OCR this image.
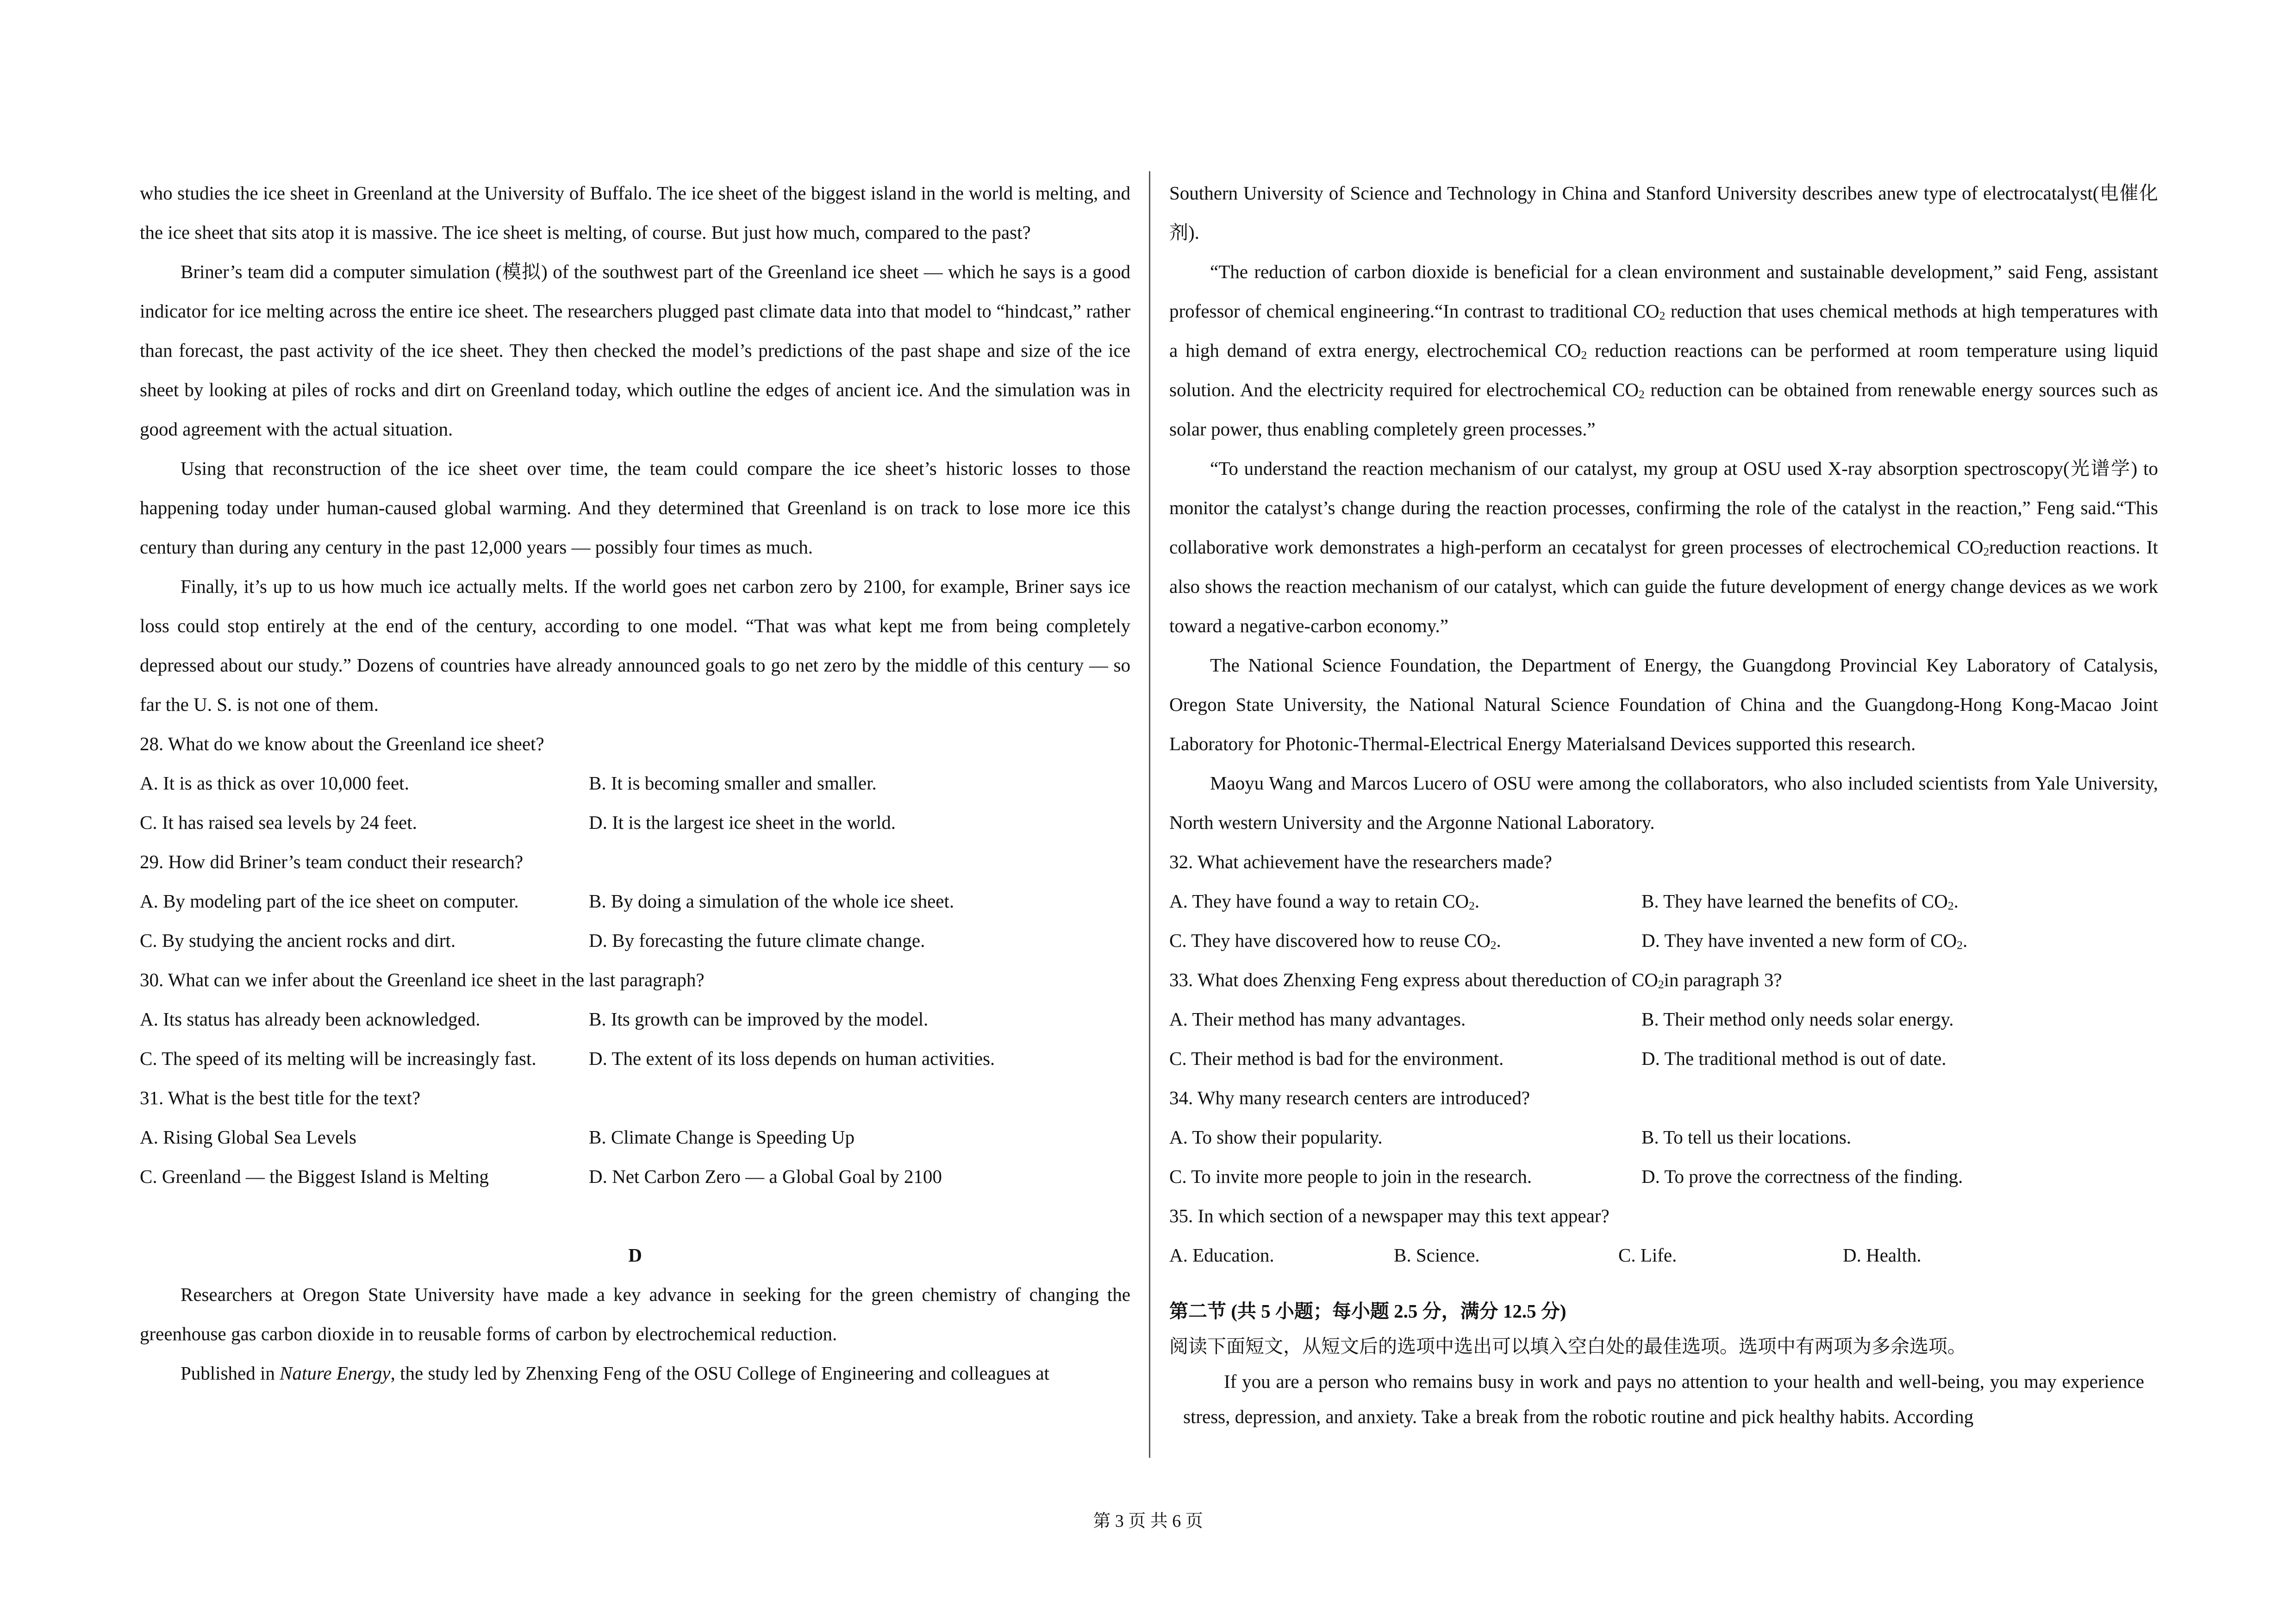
who studies the ice sheet in Greenland at the University of Buffalo. The ice sheet of the biggest island in the world is melting, and the ice sheet that sits atop it is massive. The ice sheet is melting, of course. But just how much, compared to the past?

Briner’s team did a computer simulation (模拟) of the southwest part of the Greenland ice sheet — which he says is a good indicator for ice melting across the entire ice sheet. The researchers plugged past climate data into that model to “hindcast,” rather than forecast, the past activity of the ice sheet. They then checked the model’s predictions of the past shape and size of the ice sheet by looking at piles of rocks and dirt on Greenland today, which outline the edges of ancient ice. And the simulation was in good agreement with the actual situation.

Using that reconstruction of the ice sheet over time, the team could compare the ice sheet’s historic losses to those happening today under human-caused global warming. And they determined that Greenland is on track to lose more ice this century than during any century in the past 12,000 years — possibly four times as much.

Finally, it’s up to us how much ice actually melts. If the world goes net carbon zero by 2100, for example, Briner says ice loss could stop entirely at the end of the century, according to one model. “That was what kept me from being completely depressed about our study.” Dozens of countries have already announced goals to go net zero by the middle of this century — so far the U. S. is not one of them.

28. What do we know about the Greenland ice sheet?

A. It is as thick as over 10,000 feet.	B. It is becoming smaller and smaller.
C. It has raised sea levels by 24 feet.	D. It is the largest ice sheet in the world.

29. How did Briner’s team conduct their research?

A. By modeling part of the ice sheet on computer.	B. By doing a simulation of the whole ice sheet.
C. By studying the ancient rocks and dirt.	D. By forecasting the future climate change.

30. What can we infer about the Greenland ice sheet in the last paragraph?

A. Its status has already been acknowledged.	B. Its growth can be improved by the model.
C. The speed of its melting will be increasingly fast.	D. The extent of its loss depends on human activities.

31. What is the best title for the text?

A. Rising Global Sea Levels	B. Climate Change is Speeding Up
C. Greenland — the Biggest Island is Melting	D. Net Carbon Zero — a Global Goal by 2100

D

Researchers at Oregon State University have made a key advance in seeking for the green chemistry of changing the greenhouse gas carbon dioxide in to reusable forms of carbon by electrochemical reduction.

Published in Nature Energy, the study led by Zhenxing Feng of the OSU College of Engineering and colleagues at

Southern University of Science and Technology in China and Stanford University describes anew type of electrocatalyst(电催化剂).

“The reduction of carbon dioxide is beneficial for a clean environment and sustainable development,” said Feng, assistant professor of chemical engineering.“In contrast to traditional $CO_2$ reduction that uses chemical methods at high temperatures with a high demand of extra energy, electrochemical $CO_2$ reduction reactions can be performed at room temperature using liquid solution. And the electricity required for electrochemical $CO_2$ reduction can be obtained from renewable energy sources such as solar power, thus enabling completely green processes.”

“To understand the reaction mechanism of our catalyst, my group at OSU used X-ray absorption spectroscopy(光谱学) to monitor the catalyst’s change during the reaction processes, confirming the role of the catalyst in the reaction,” Feng said.“This collaborative work demonstrates a high-perform an cecatalyst for green processes of electrochemical $CO_2reduction$ reactions. It also shows the reaction mechanism of our catalyst, which can guide the future development of energy change devices as we work toward a negative-carbon economy.”

The National Science Foundation, the Department of Energy, the Guangdong Provincial Key Laboratory of Catalysis, Oregon State University, the National Natural Science Foundation of China and the Guangdong-Hong Kong-Macao Joint Laboratory for Photonic-Thermal-Electrical Energy Materialsand Devices supported this research.

Maoyu Wang and Marcos Lucero of OSU were among the collaborators, who also included scientists from Yale University, North western University and the Argonne National Laboratory.

32. What achievement have the researchers made?

A. They have found a way to retain $CO_2$.	B. They have learned the benefits of $CO_2$.
C. They have discovered how to reuse $CO_2$.	D. They have invented a new form of $CO_2$.

33. What does Zhenxing Feng express about thereduction of $CO_2in$ paragraph 3?

A. Their method has many advantages.	B. Their method only needs solar energy.
C. Their method is bad for the environment.	D. The traditional method is out of date.

34. Why many research centers are introduced?

A. To show their popularity.	B. To tell us their locations.
C. To invite more people to join in the research.	D. To prove the correctness of the finding.

35. In which section of a newspaper may this text appear?

A. Education.	B. Science.	C. Life.	D. Health.

第二节 (共 5 小题；每小题 2.5 分，满分 12.5 分)

阅读下面短文，从短文后的选项中选出可以填入空白处的最佳选项。选项中有两项为多余选项。

If you are a person who remains busy in work and pays no attention to your health and well-being, you may experience stress, depression, and anxiety. Take a break from the robotic routine and pick healthy habits. According

第 3 页 共 6 页
